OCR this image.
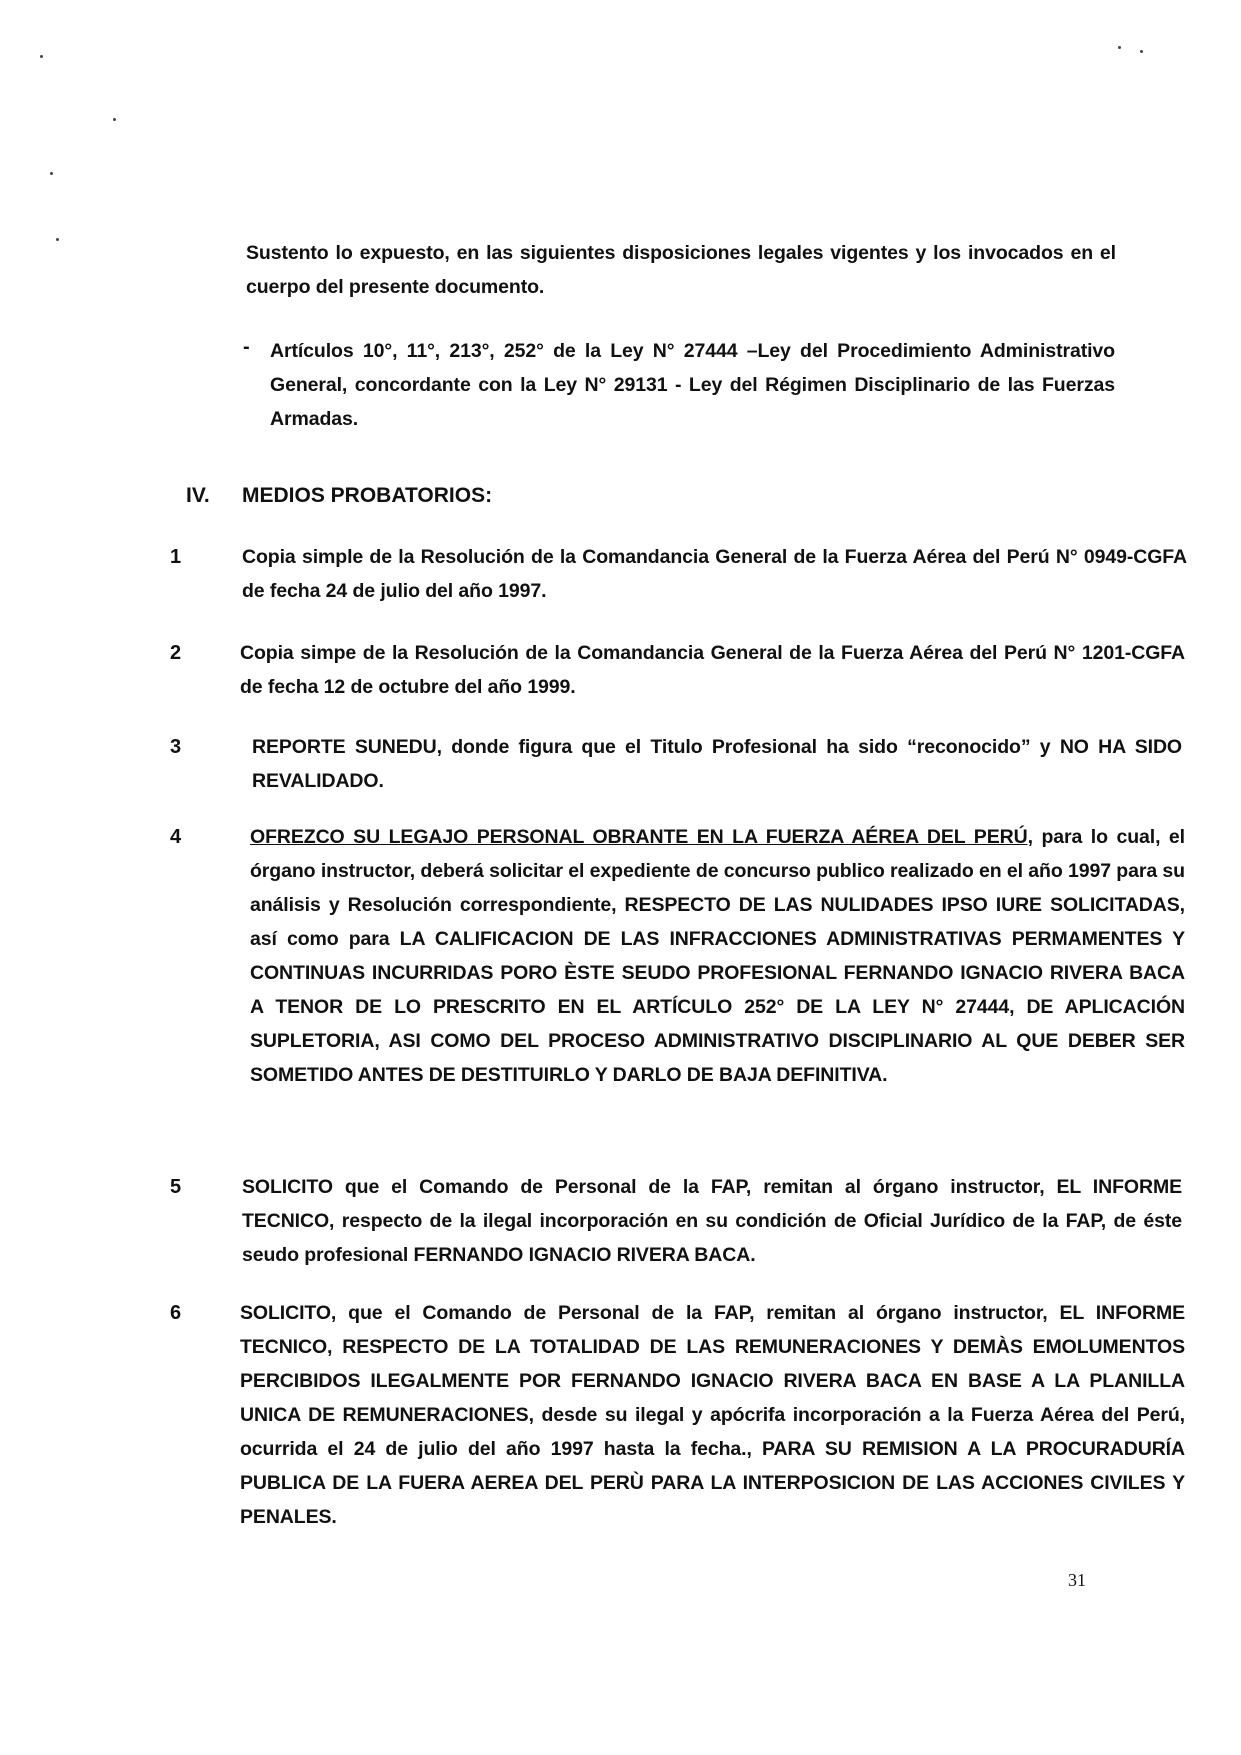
Sustento lo expuesto, en las siguientes disposiciones legales vigentes y los invocados en el cuerpo del presente documento.
- Artículos 10°, 11°, 213°, 252° de la Ley N° 27444 –Ley del Procedimiento Administrativo General, concordante con la Ley N° 29131 - Ley del Régimen Disciplinario de las Fuerzas Armadas.
IV. MEDIOS PROBATORIOS:
1	Copia simple de la Resolución de la Comandancia General de la Fuerza Aérea del Perú N° 0949-CGFA de fecha 24 de julio del año 1997.
2	Copia simpe de la Resolución de la Comandancia General de la Fuerza Aérea del Perú N° 1201-CGFA de fecha 12 de octubre del año 1999.
3	REPORTE SUNEDU, donde figura que el Titulo Profesional ha sido “reconocido” y NO HA SIDO REVALIDADO.
4	OFREZCO SU LEGAJO PERSONAL OBRANTE EN LA FUERZA AÉREA DEL PERÚ, para lo cual, el órgano instructor, deberá solicitar el expediente de concurso publico realizado en el año 1997 para su análisis y Resolución correspondiente, RESPECTO DE LAS NULIDADES IPSO IURE SOLICITADAS, así como para LA CALIFICACION DE LAS INFRACCIONES ADMINISTRATIVAS PERMAMENTES Y CONTINUAS INCURRIDAS PORO ÈSTE SEUDO PROFESIONAL FERNANDO IGNACIO RIVERA BACA A TENOR DE LO PRESCRITO EN EL ARTÍCULO 252° DE LA LEY N° 27444, DE APLICACIÓN SUPLETORIA, ASI COMO DEL PROCESO ADMINISTRATIVO DISCIPLINARIO AL QUE DEBER SER SOMETIDO ANTES DE DESTITUIRLO Y DARLO DE BAJA DEFINITIVA.
5	SOLICITO que el Comando de Personal de la FAP, remitan al órgano instructor, EL INFORME TECNICO, respecto de la ilegal incorporación en su condición de Oficial Jurídico de la FAP, de éste seudo profesional FERNANDO IGNACIO RIVERA BACA.
6	SOLICITO, que el Comando de Personal de la FAP, remitan al órgano instructor, EL INFORME TECNICO, RESPECTO DE LA TOTALIDAD DE LAS REMUNERACIONES Y DEMÀS EMOLUMENTOS PERCIBIDOS ILEGALMENTE POR FERNANDO IGNACIO RIVERA BACA EN BASE A LA PLANILLA UNICA DE REMUNERACIONES, desde su ilegal y apócrifa incorporación a la Fuerza Aérea del Perú, ocurrida el 24 de julio del año 1997 hasta la fecha., PARA SU REMISION A LA PROCURADURÍA PUBLICA DE LA FUERA AEREA DEL PERÙ PARA LA INTERPOSICION DE LAS ACCIONES CIVILES Y PENALES.
31
